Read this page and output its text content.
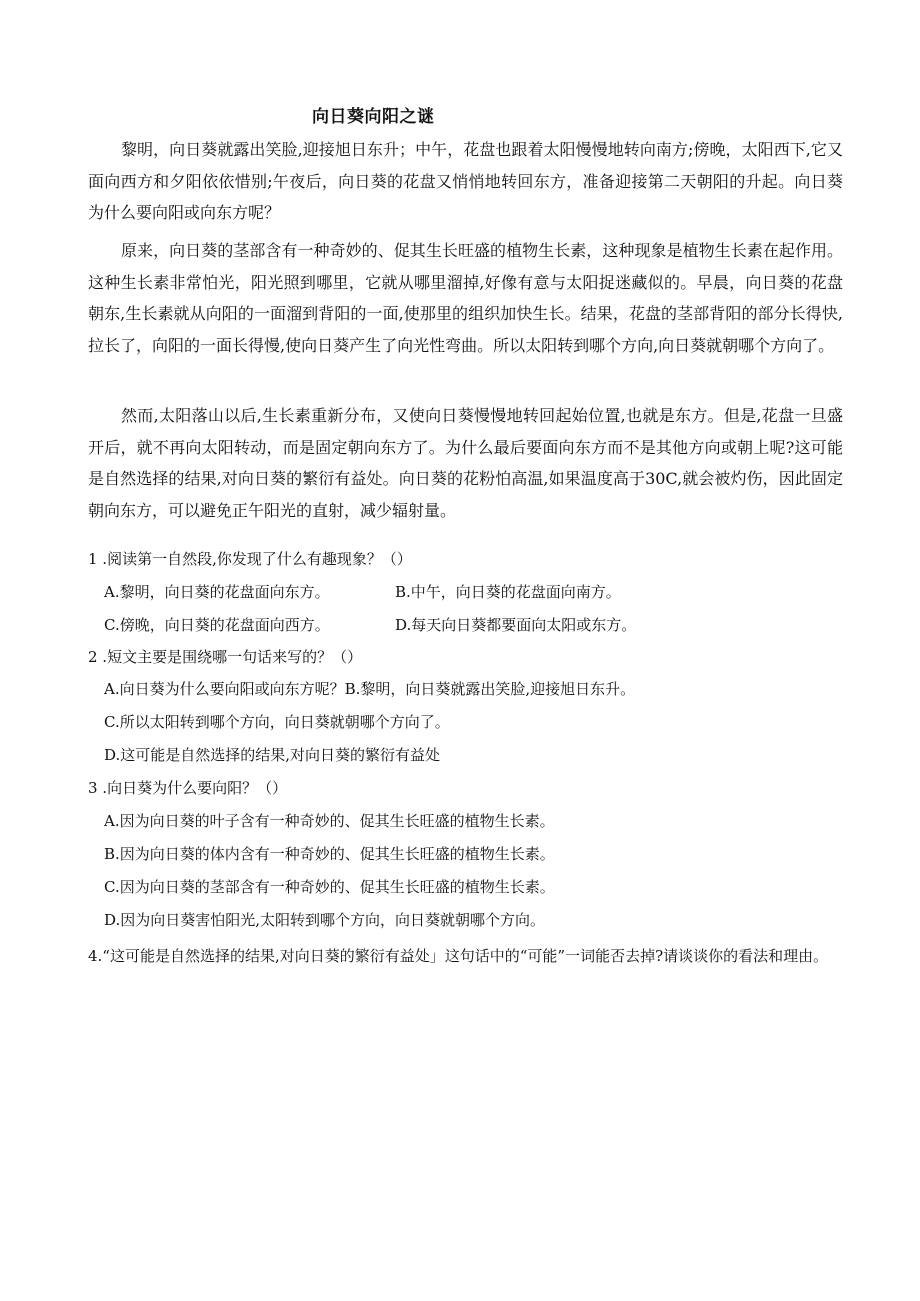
向日葵向阳之谜

黎明，向日葵就露出笑脸,迎接旭日东升；中午，花盘也跟着太阳慢慢地转向南方;傍晚，太阳西下,它又面向西方和夕阳依依惜别;午夜后，向日葵的花盘又悄悄地转回东方，准备迎接第二天朝阳的升起。向日葵为什么要向阳或向东方呢？

原来，向日葵的茎部含有一种奇妙的、促其生长旺盛的植物生长素，这种现象是植物生长素在起作用。这种生长素非常怕光，阳光照到哪里，它就从哪里溜掉,好像有意与太阳捉迷藏似的。早晨，向日葵的花盘朝东,生长素就从向阳的一面溜到背阳的一面,使那里的组织加快生长。结果，花盘的茎部背阳的部分长得快,拉长了，向阳的一面长得慢,使向日葵产生了向光性弯曲。所以太阳转到哪个方向,向日葵就朝哪个方向了。

然而,太阳落山以后,生长素重新分布，又使向日葵慢慢地转回起始位置,也就是东方。但是,花盘一旦盛开后，就不再向太阳转动，而是固定朝向东方了。为什么最后要面向东方而不是其他方向或朝上呢?这可能是自然选择的结果,对向日葵的繁衍有益处。向日葵的花粉怕高温,如果温度高于30C,就会被灼伤，因此固定朝向东方，可以避免正午阳光的直射，减少辐射量。

1 .阅读第一自然段,你发现了什么有趣现象？（）
A.黎明，向日葵的花盘面向东方。	B.中午，向日葵的花盘面向南方。
C.傍晚，向日葵的花盘面向西方。	D.每天向日葵都要面向太阳或东方。
2 .短文主要是围绕哪一句话来写的？（）
A.向日葵为什么要向阳或向东方呢？B.黎明，向日葵就露出笑脸,迎接旭日东升。
C.所以太阳转到哪个方向，向日葵就朝哪个方向了。
D.这可能是自然选择的结果,对向日葵的繁衍有益处
3 .向日葵为什么要向阳？（）
A.因为向日葵的叶子含有一种奇妙的、促其生长旺盛的植物生长素。
B.因为向日葵的体内含有一种奇妙的、促其生长旺盛的植物生长素。
C.因为向日葵的茎部含有一种奇妙的、促其生长旺盛的植物生长素。
D.因为向日葵害怕阳光,太阳转到哪个方向，向日葵就朝哪个方向。

4.“这可能是自然选择的结果,对向日葵的繁衍有益处」这句话中的“可能”一词能否去掉?请谈谈你的看法和理由。
